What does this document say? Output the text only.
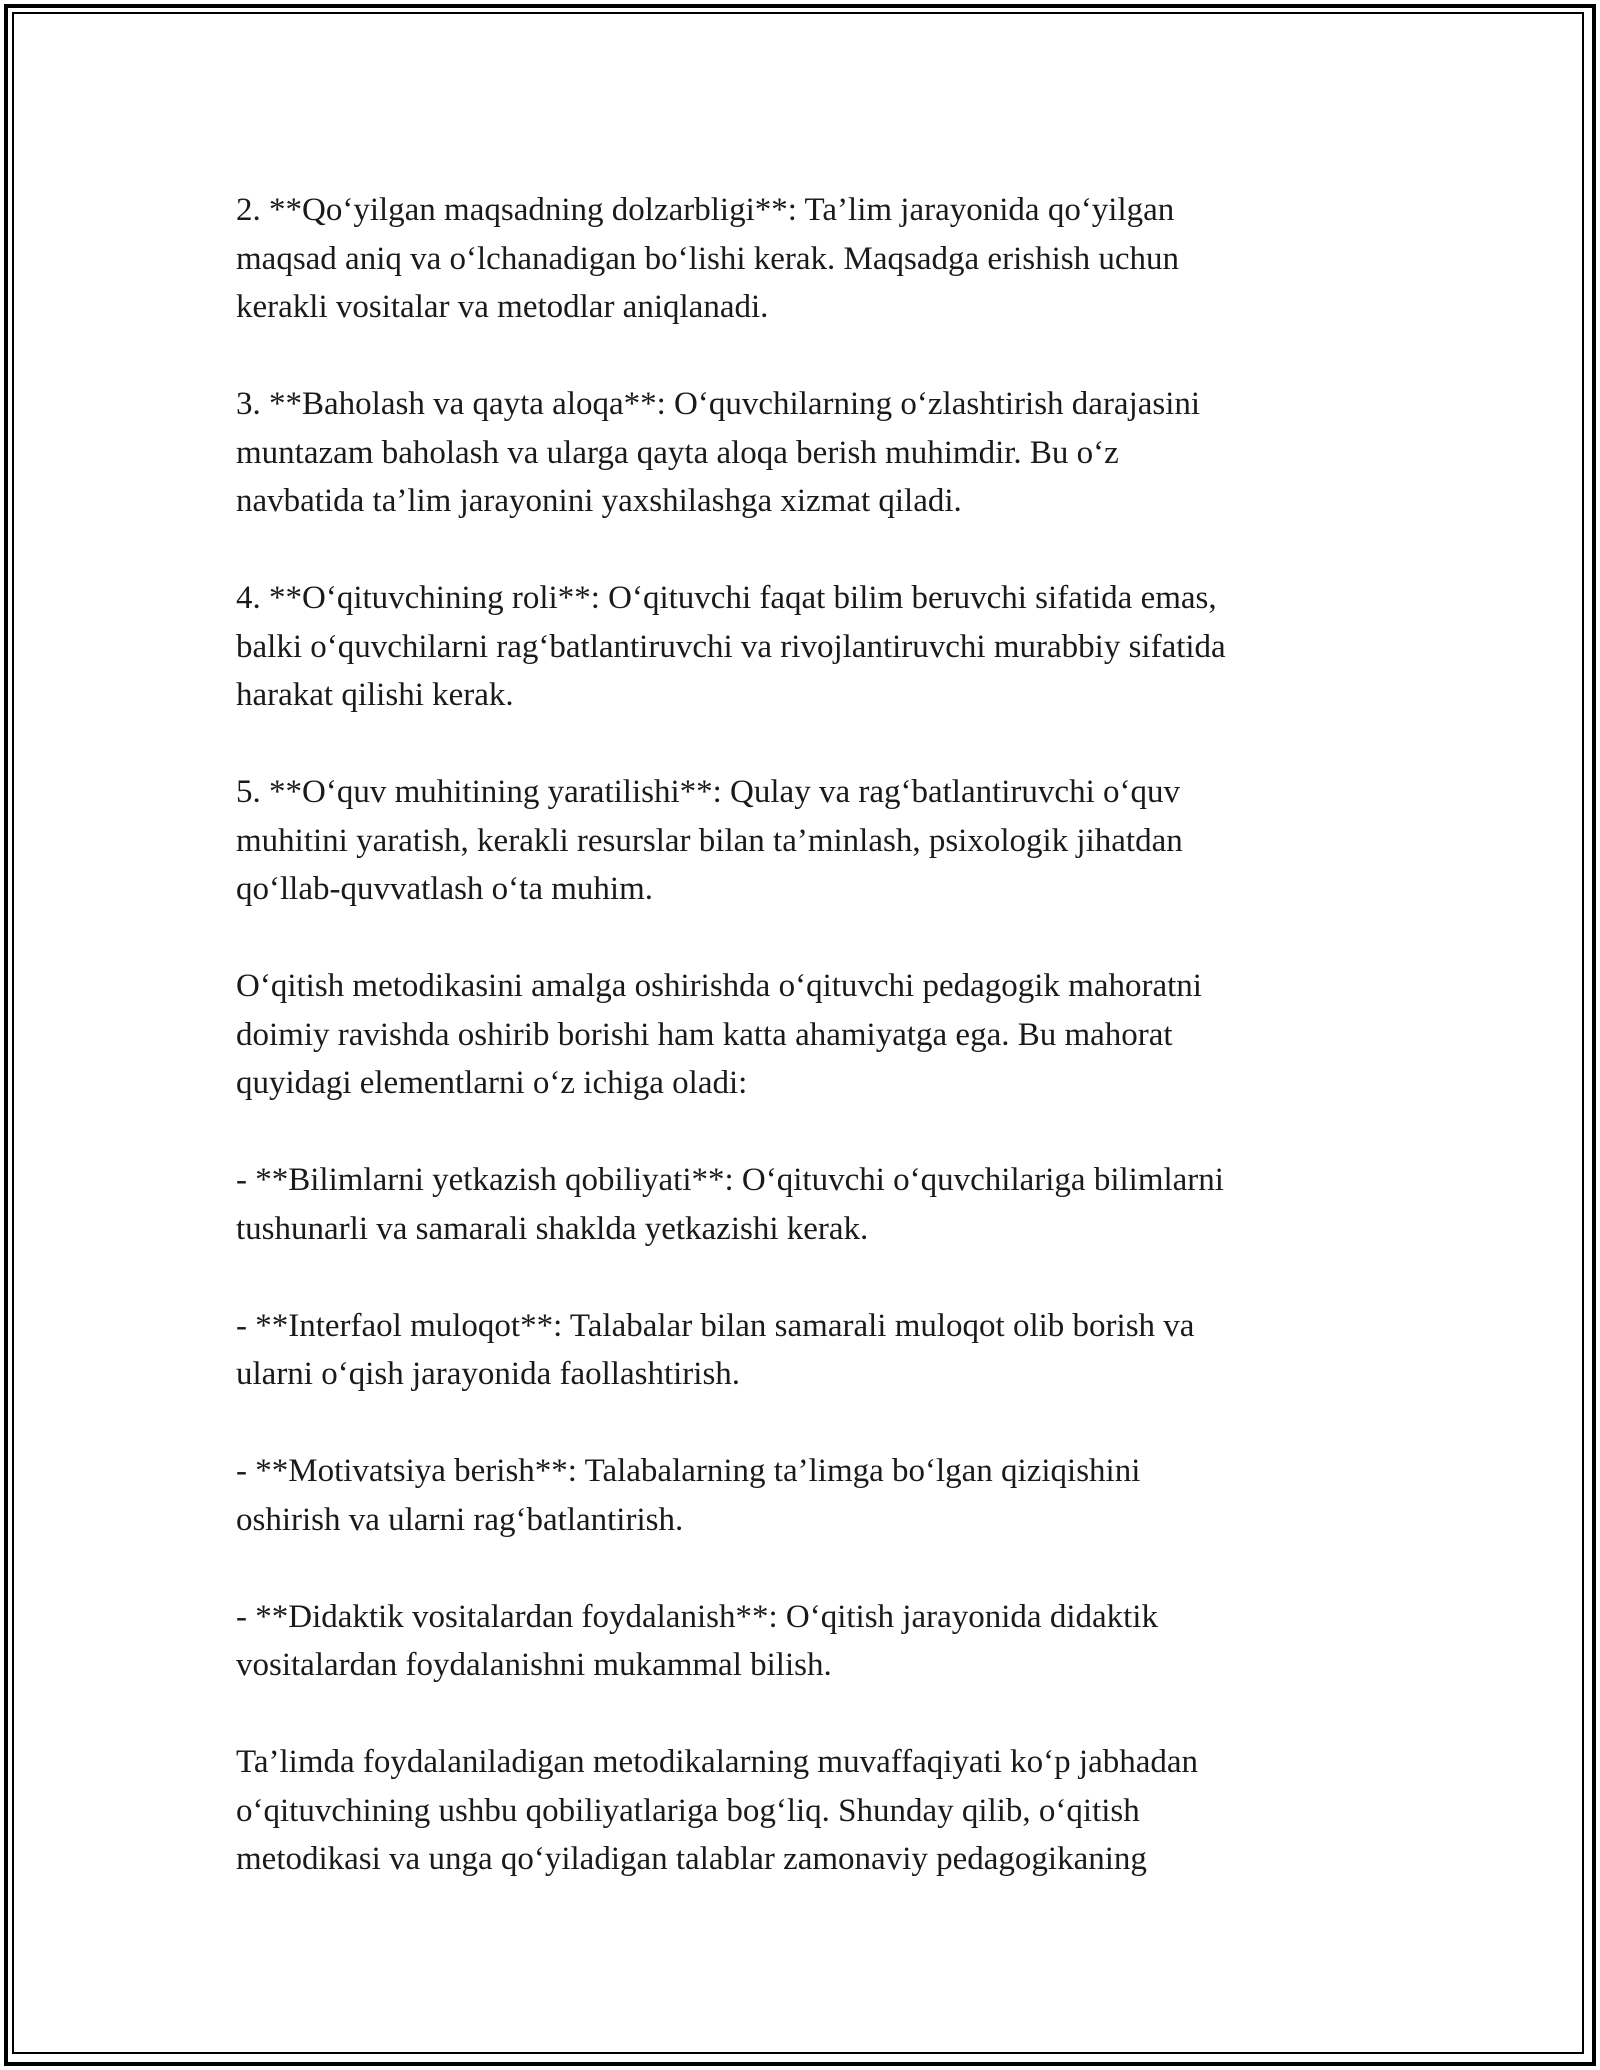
2. **Qo‘yilgan maqsadning dolzarbligi**: Ta’lim jarayonida qo‘yilgan
maqsad aniq va o‘lchanadigan bo‘lishi kerak. Maqsadga erishish uchun
kerakli vositalar va metodlar aniqlanadi.

3. **Baholash va qayta aloqa**: O‘quvchilarning o‘zlashtirish darajasini
muntazam baholash va ularga qayta aloqa berish muhimdir. Bu o‘z
navbatida ta’lim jarayonini yaxshilashga xizmat qiladi.

4. **O‘qituvchining roli**: O‘qituvchi faqat bilim beruvchi sifatida emas,
balki o‘quvchilarni rag‘batlantiruvchi va rivojlantiruvchi murabbiy sifatida
harakat qilishi kerak.

5. **O‘quv muhitining yaratilishi**: Qulay va rag‘batlantiruvchi o‘quv
muhitini yaratish, kerakli resurslar bilan ta’minlash, psixologik jihatdan
qo‘llab-quvvatlash o‘ta muhim.

O‘qitish metodikasini amalga oshirishda o‘qituvchi pedagogik mahoratni
doimiy ravishda oshirib borishi ham katta ahamiyatga ega. Bu mahorat
quyidagi elementlarni o‘z ichiga oladi:

- **Bilimlarni yetkazish qobiliyati**: O‘qituvchi o‘quvchilariga bilimlarni
tushunarli va samarali shaklda yetkazishi kerak.

- **Interfaol muloqot**: Talabalar bilan samarali muloqot olib borish va
ularni o‘qish jarayonida faollashtirish.

- **Motivatsiya berish**: Talabalarning ta’limga bo‘lgan qiziqishini
oshirish va ularni rag‘batlantirish.

- **Didaktik vositalardan foydalanish**: O‘qitish jarayonida didaktik
vositalardan foydalanishni mukammal bilish.

Ta’limda foydalaniladigan metodikalarning muvaffaqiyati ko‘p jabhadan
o‘qituvchining ushbu qobiliyatlariga bog‘liq. Shunday qilib, o‘qitish
metodikasi va unga qo‘yiladigan talablar zamonaviy pedagogikaning
